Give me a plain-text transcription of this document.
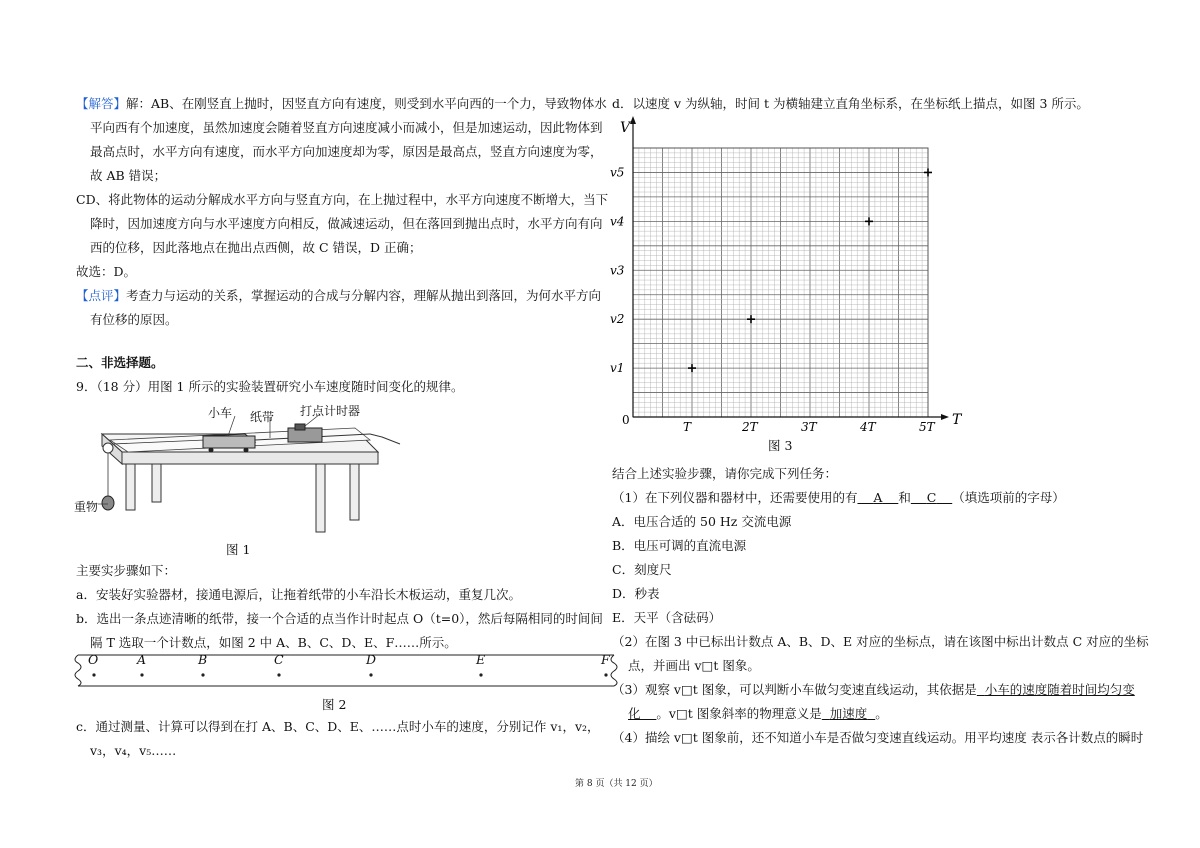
【解答】解：AB、在刚竖直上抛时，因竖直方向有速度，则受到水平向西的一个力，导致物体水
平向西有个加速度，虽然加速度会随着竖直方向速度减小而减小，但是加速运动，因此物体到
最高点时，水平方向有速度，而水平方向加速度却为零，原因是最高点，竖直方向速度为零，
故 AB 错误；
CD、将此物体的运动分解成水平方向与竖直方向，在上抛过程中，水平方向速度不断增大，当下
降时，因加速度方向与水平速度方向相反，做减速运动，但在落回到抛出点时，水平方向有向
西的位移，因此落地点在抛出点西侧，故 C 错误，D 正确；
故选：D。
【点评】考查力与运动的关系，掌握运动的合成与分解内容，理解从抛出到落回，为何水平方向
有位移的原因。
二、非选择题。
9．（18 分）用图 1 所示的实验装置研究小车速度随时间变化的规律。
小车 纸带 打点计时器
重物
图 1
主要实步骤如下：
a．安装好实验器材，接通电源后，让拖着纸带的小车沿长木板运动，重复几次。
b．选出一条点迹清晰的纸带，接一个合适的点当作计时起点 O（t=0），然后每隔相同的时间间
隔 T 选取一个计数点，如图 2 中 A、B、C、D、E、F……所示。
O	A	B	C	D	E	F
图 2
c．通过测量、计算可以得到在打 A、B、C、D、E、……点时小车的速度，分别记作 v₁，v₂，
v₃，v₄，v₅……
d．以速度 v 为纵轴，时间 t 为横轴建立直角坐标系，在坐标纸上描点，如图 3 所示。
V
T
0	T	2T	3T	4T	5T
v1
v2
v3
v4
v5
图 3
结合上述实验步骤，请你完成下列任务：
（1）在下列仪器和器材中，还需要使用的有 A 和 C （填选项前的字母）
A．电压合适的 50 Hz 交流电源
B．电压可调的直流电源
C．刻度尺
D．秒表
E．天平（含砝码）
（2）在图 3 中已标出计数点 A、B、D、E 对应的坐标点，请在该图中标出计数点 C 对应的坐标
点，并画出 v□t 图象。
（3）观察 v□t 图象，可以判断小车做匀变速直线运动，其依据是 小车的速度随着时间均匀变
化 。v□t 图象斜率的物理意义是 加速度 。
（4）描绘 v□t 图象前，还不知道小车是否做匀变速直线运动。用平均速度 表示各计数点的瞬时
第 8 页（共 12 页）
